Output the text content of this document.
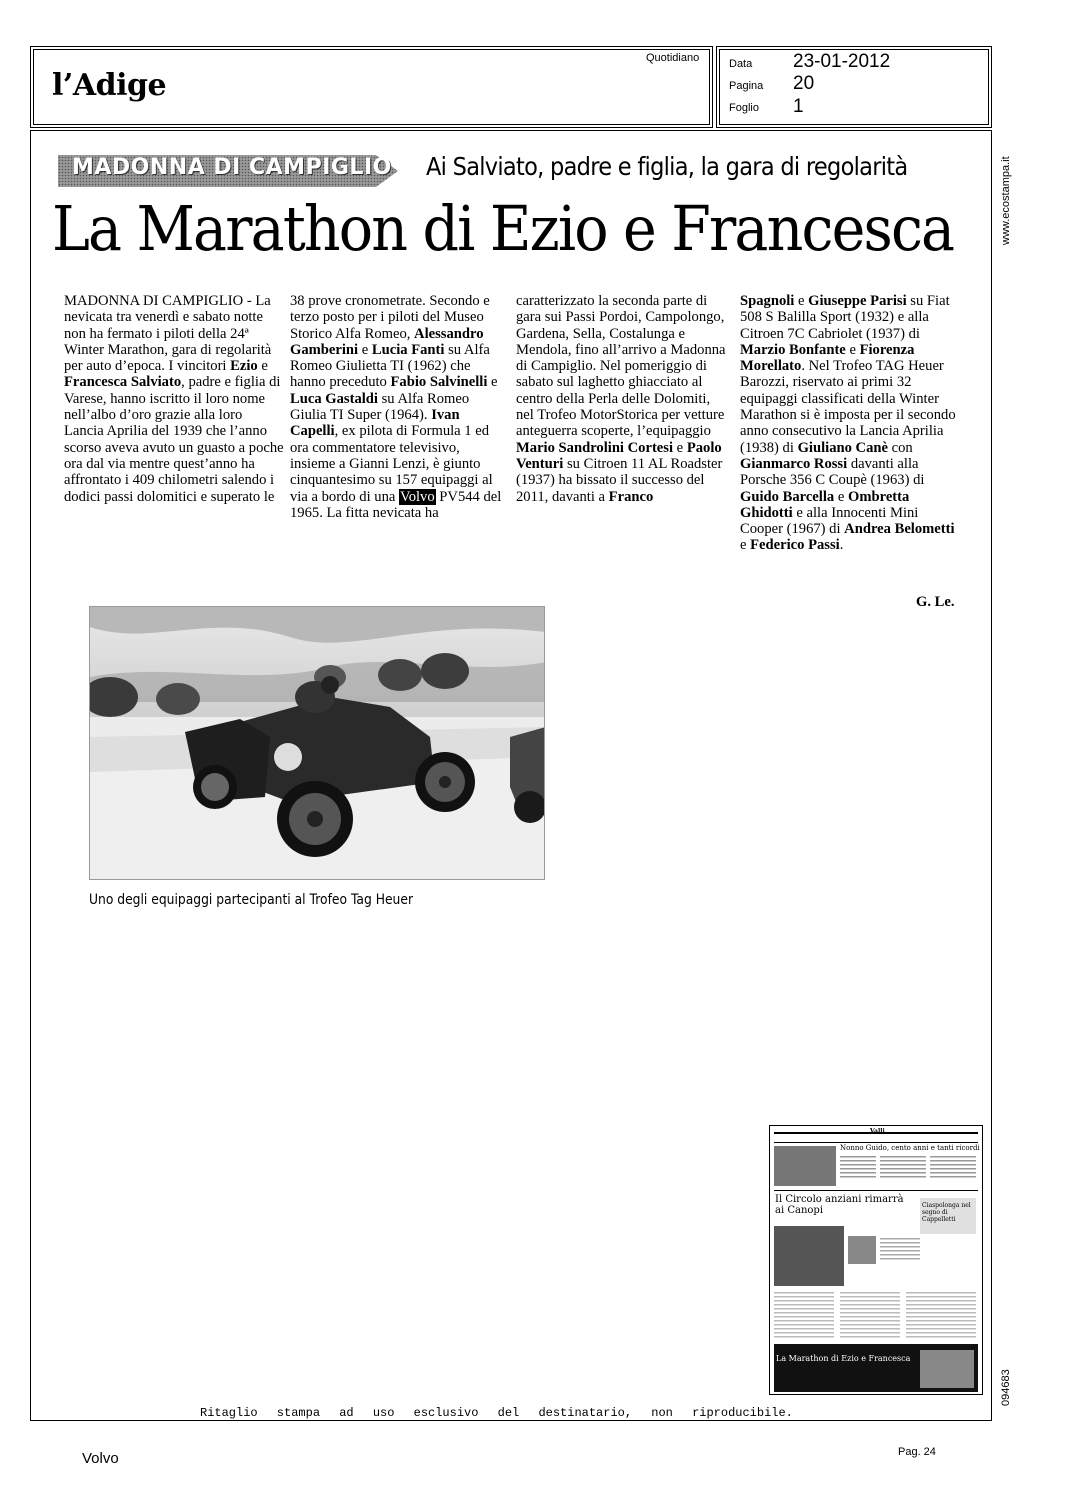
l’Adige
Quotidiano	Data 23-01-2012
Pagina 20
Foglio 1
www.ecostampa.it
094683
MADONNA DI CAMPIGLIO Ai Salviato, padre e figlia, la gara di regolarità
La Marathon di Ezio e Francesca
MADONNA DI CAMPIGLIO - La nevicata tra venerdì e sabato notte non ha fermato i piloti della 24ª Winter Marathon, gara di regolarità per auto d’epoca. I vincitori Ezio e Francesca Salviato, padre e figlia di Varese, hanno iscritto il loro nome nell’albo d’oro grazie alla loro Lancia Aprilia del 1939 che l’anno scorso aveva avuto un guasto a poche ora dal via mentre quest’anno ha affrontato i 409 chilometri salendo i dodici passi dolomitici e superato le
38 prove cronometrate. Secondo e terzo posto per i piloti del Museo Storico Alfa Romeo, Alessandro Gamberini e Lucia Fanti su Alfa Romeo Giulietta TI (1962) che hanno preceduto Fabio Salvinelli e Luca Gastaldi su Alfa Romeo Giulia TI Super (1964). Ivan Capelli, ex pilota di Formula 1 ed ora commentatore televisivo, insieme a Gianni Lenzi, è giunto cinquantesimo su 157 equipaggi al via a bordo di una Volvo PV544 del 1965. La fitta nevicata ha
caratterizzato la seconda parte di gara sui Passi Pordoi, Campolongo, Gardena, Sella, Costalunga e Mendola, fino all’arrivo a Madonna di Campiglio. Nel pomeriggio di sabato sul laghetto ghiacciato al centro della Perla delle Dolomiti, nel Trofeo MotorStorica per vetture anteguerra scoperte, l’equipaggio Mario Sandrolini Cortesi e Paolo Venturi su Citroen 11 AL Roadster (1937) ha bissato il successo del 2011, davanti a Franco
Spagnoli e Giuseppe Parisi su Fiat 508 S Balilla Sport (1932) e alla Citroen 7C Cabriolet (1937) di Marzio Bonfante e Fiorenza Morellato. Nel Trofeo TAG Heuer Barozzi, riservato ai primi 32 equipaggi classificati della Winter Marathon si è imposta per il secondo anno consecutivo la Lancia Aprilia (1938) di Giuliano Canè con Gianmarco Rossi davanti alla Porsche 356 C Coupè (1963) di Guido Barcella e Ombretta Ghidotti e alla Innocenti Mini Cooper (1967) di Andrea Belometti e Federico Passi.
G. Le.
Uno degli equipaggi partecipanti al Trofeo Tag Heuer
Valli
Nonno Guido, cento anni e tanti ricordi
Il Circolo anziani rimarrà ai Canopi	Ciaspolonga nel segno di Cappelletti
La Marathon di Ezio e Francesca
Ritaglio stampa ad uso esclusivo del destinatario, non riproducibile.
Volvo	Pag. 24
